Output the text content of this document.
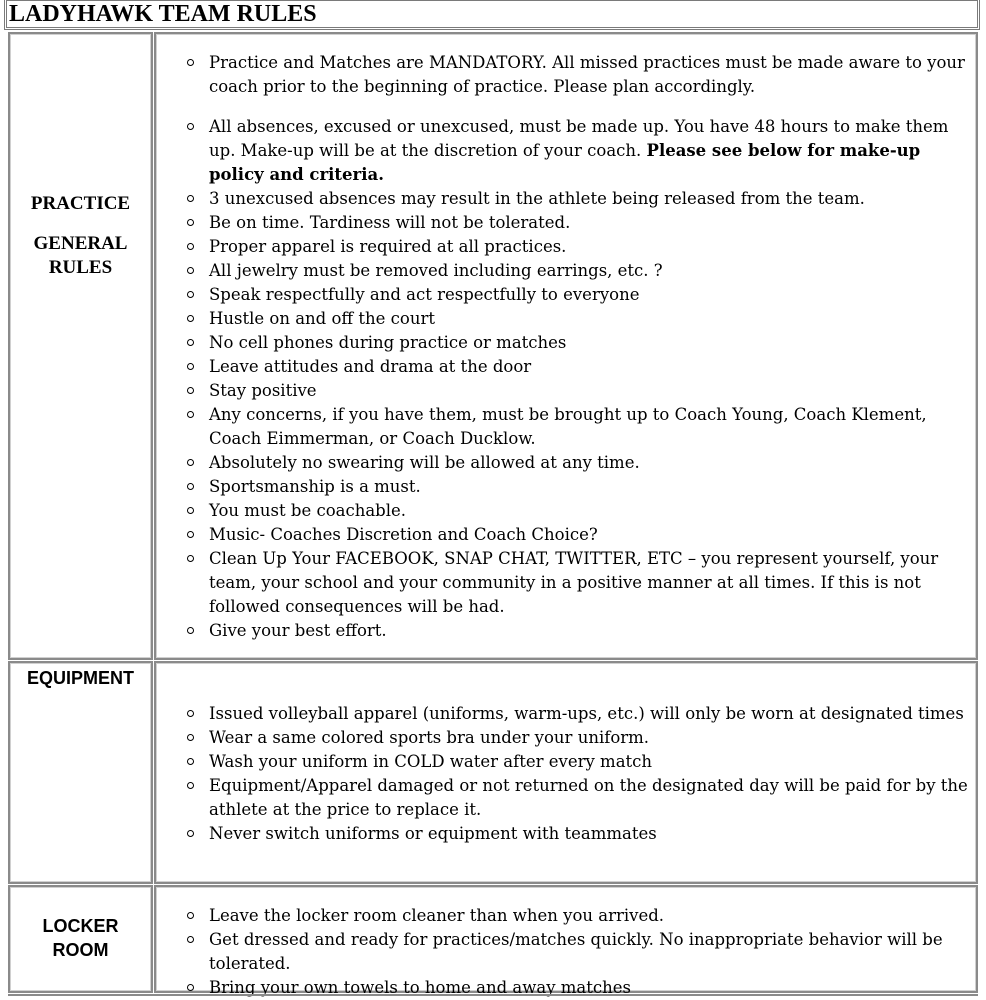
LADYHAWK TEAM RULES
PRACTICE
GENERAL
RULES
Practice and Matches are MANDATORY. All missed practices must be made aware to your coach prior to the beginning of practice. Please plan accordingly.
All absences, excused or unexcused, must be made up. You have 48 hours to make them up. Make-up will be at the discretion of your coach. Please see below for make-up policy and criteria.
3 unexcused absences may result in the athlete being released from the team.
Be on time. Tardiness will not be tolerated.
Proper apparel is required at all practices.
All jewelry must be removed including earrings, etc. ?
Speak respectfully and act respectfully to everyone
Hustle on and off the court
No cell phones during practice or matches
Leave attitudes and drama at the door
Stay positive
Any concerns, if you have them, must be brought up to Coach Young, Coach Klement, Coach Eimmerman, or Coach Ducklow.
Absolutely no swearing will be allowed at any time.
Sportsmanship is a must.
You must be coachable.
Music- Coaches Discretion and Coach Choice?
Clean Up Your FACEBOOK, SNAP CHAT, TWITTER, ETC – you represent yourself, your team, your school and your community in a positive manner at all times. If this is not followed consequences will be had.
Give your best effort.
EQUIPMENT
Issued volleyball apparel (uniforms, warm-ups, etc.) will only be worn at designated times
Wear a same colored sports bra under your uniform.
Wash your uniform in COLD water after every match
Equipment/Apparel damaged or not returned on the designated day will be paid for by the athlete at the price to replace it.
Never switch uniforms or equipment with teammates
LOCKER
ROOM
Leave the locker room cleaner than when you arrived.
Get dressed and ready for practices/matches quickly. No inappropriate behavior will be tolerated.
Bring your own towels to home and away matches
